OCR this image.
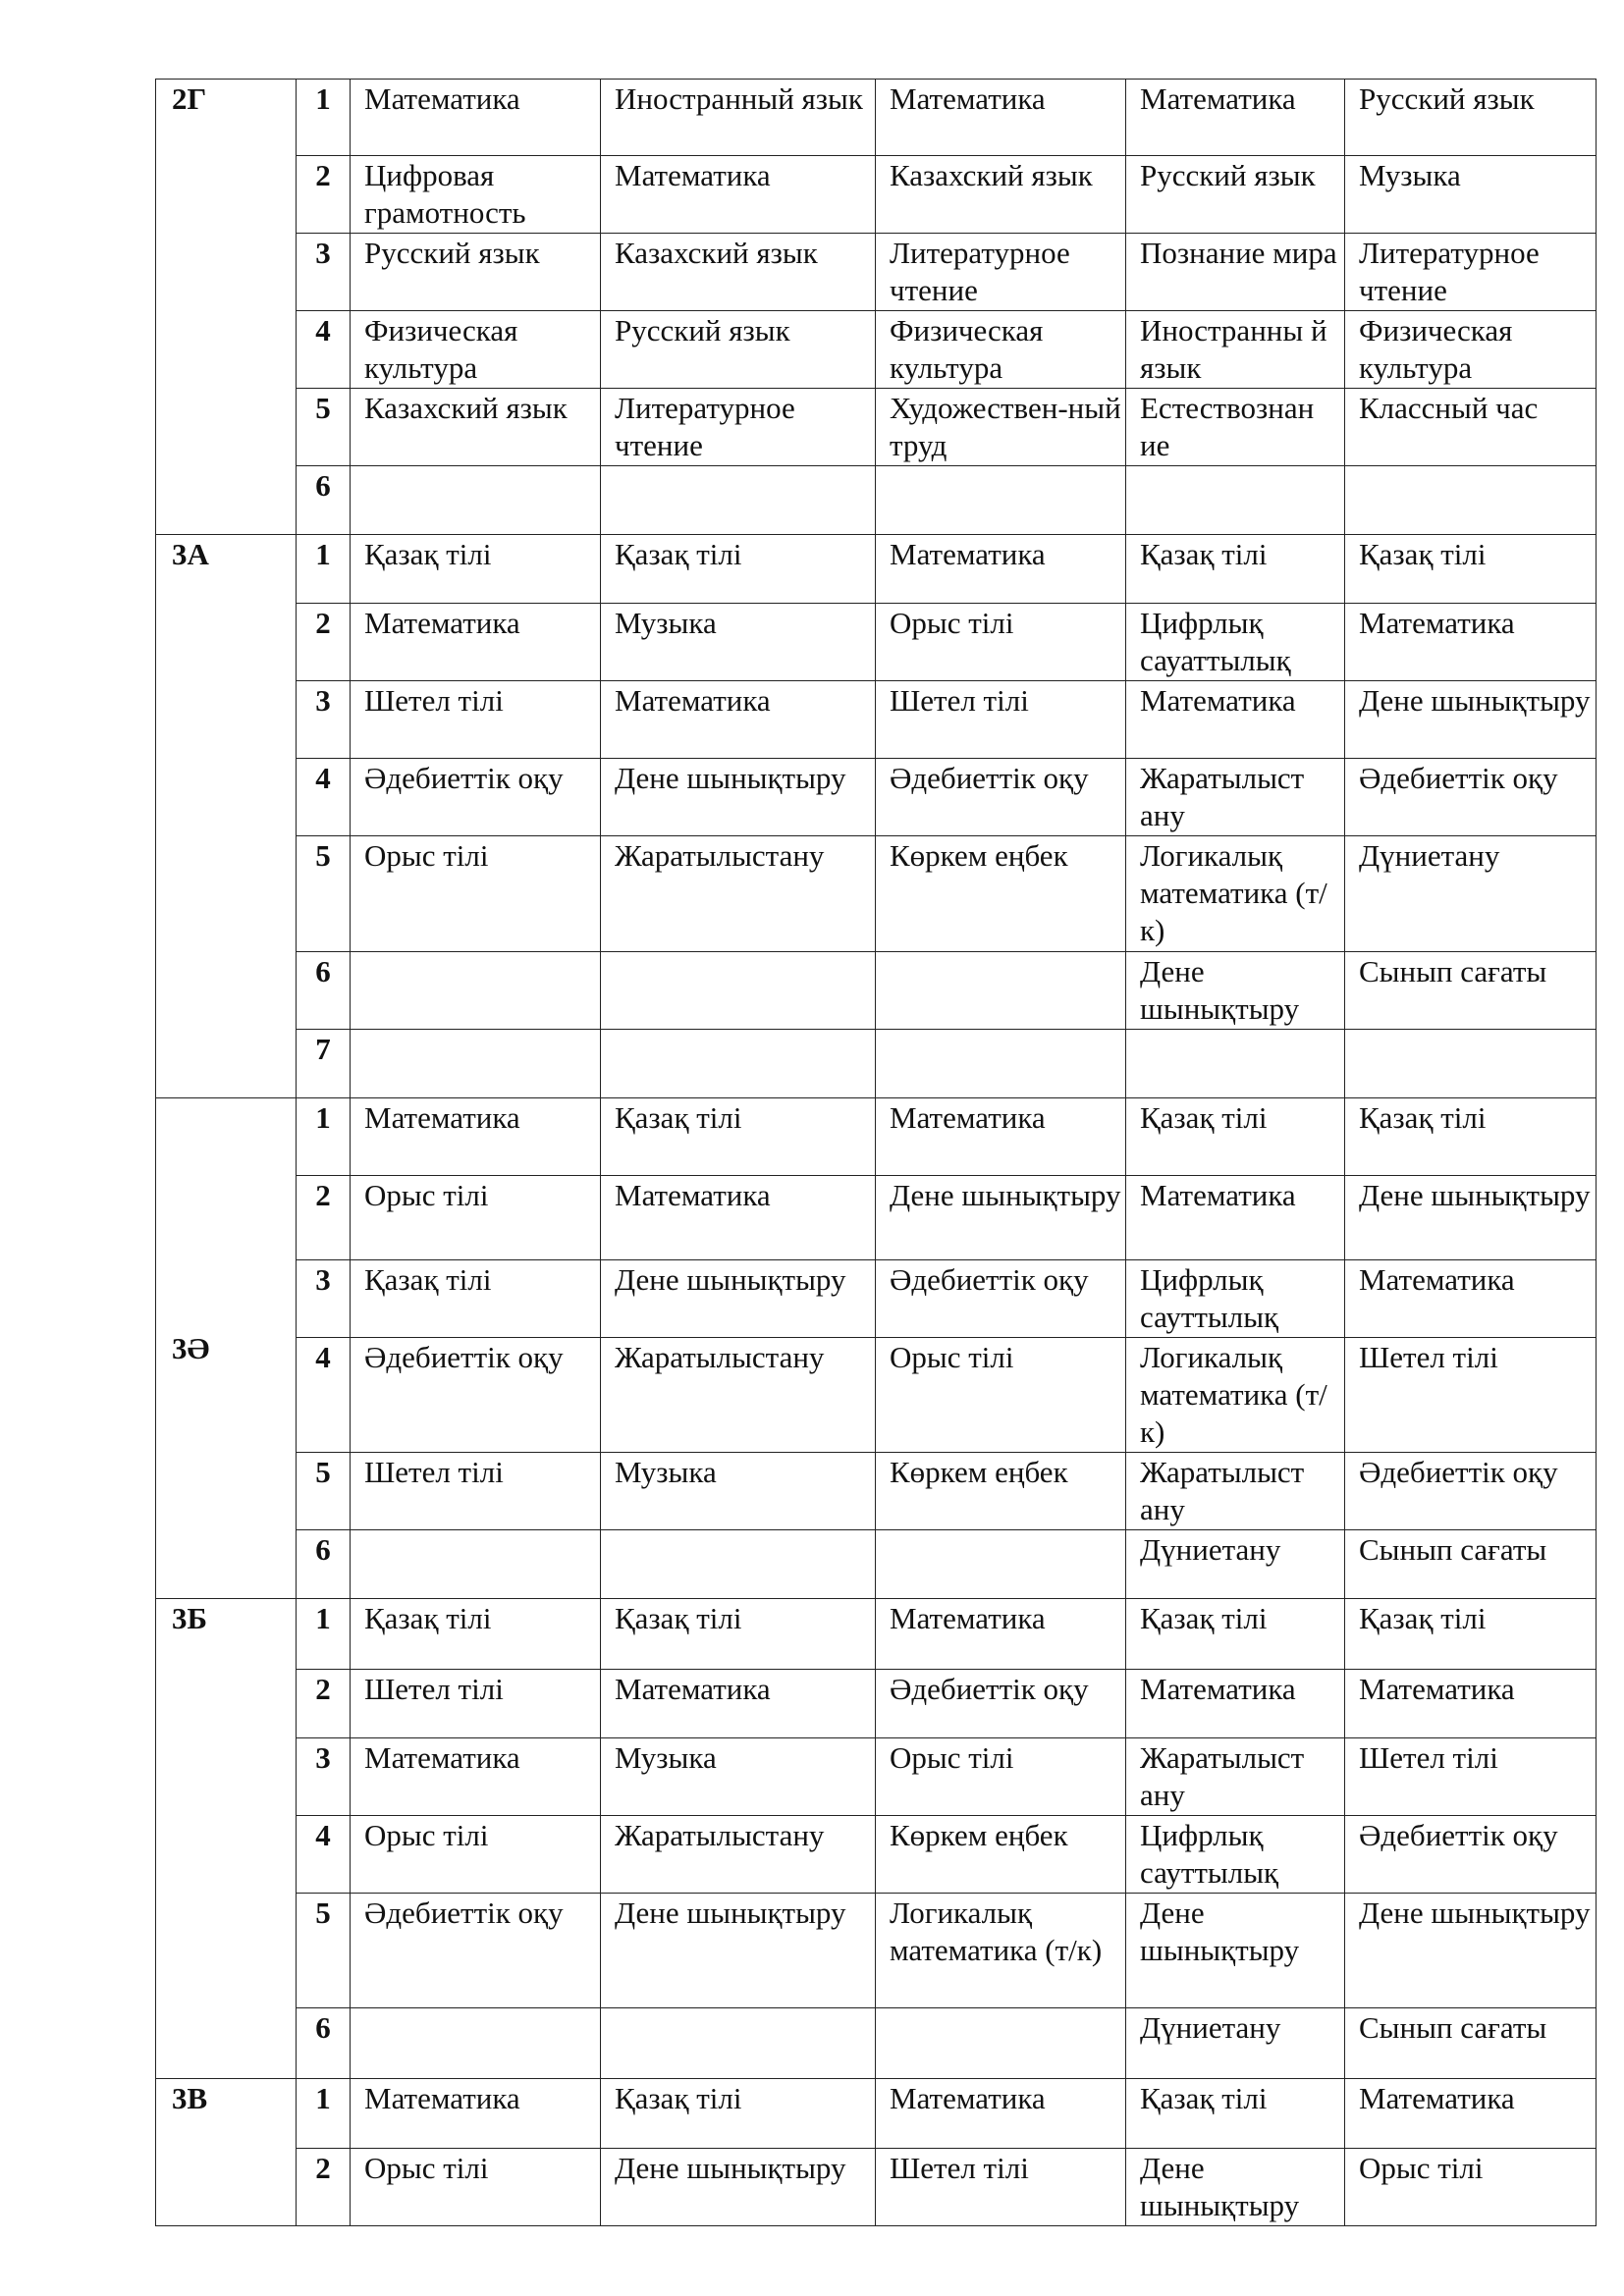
2Г	1	Математика	Иностранный язык	Математика	Математика	Русский язык
	2	Цифровая грамотность	Математика	Казахский язык	Русский язык	Музыка
	3	Русский язык	Казахский язык	Литературное чтение	Познание мира	Литературное чтение
	4	Физическая культура	Русский язык	Физическая культура	Иностранны й язык	Физическая культура
	5	Казахский язык	Литературное чтение	Художествен-ный труд	Естествознан ие	Классный час
	6					
3А	1	Қазақ тілі	Қазақ тілі	Математика	Қазақ тілі	Қазақ тілі
	2	Математика	Музыка	Орыс тілі	Цифрлық сауаттылық	Математика
	3	Шетел тілі	Математика	Шетел тілі	Математика	Дене шынықтыру
	4	Әдебиеттік оқу	Дене шынықтыру	Әдебиеттік оқу	Жаратылыст ану	Әдебиеттік оқу
	5	Орыс тілі	Жаратылыстану	Көркем еңбек	Логикалық математика (т/к)	Дүниетану
	6				Дене шынықтыру	Сынып сағаты
	7					
3Ә	1	Математика	Қазақ тілі	Математика	Қазақ тілі	Қазақ тілі
	2	Орыс тілі	Математика	Дене шынықтыру	Математика	Дене шынықтыру
	3	Қазақ тілі	Дене шынықтыру	Әдебиеттік оқу	Цифрлық сауттылық	Математика
	4	Әдебиеттік оқу	Жаратылыстану	Орыс тілі	Логикалық математика (т/к)	Шетел тілі
	5	Шетел тілі	Музыка	Көркем еңбек	Жаратылыст ану	Әдебиеттік оқу
	6				Дүниетану	Сынып сағаты
3Б	1	Қазақ тілі	Қазақ тілі	Математика	Қазақ тілі	Қазақ тілі
	2	Шетел тілі	Математика	Әдебиеттік оқу	Математика	Математика
	3	Математика	Музыка	Орыс тілі	Жаратылыст ану	Шетел тілі
	4	Орыс тілі	Жаратылыстану	Көркем еңбек	Цифрлық сауттылық	Әдебиеттік оқу
	5	Әдебиеттік оқу	Дене шынықтыру	Логикалық математика (т/к)	Дене шынықтыру	Дене шынықтыру
	6				Дүниетану	Сынып сағаты
3В	1	Математика	Қазақ тілі	Математика	Қазақ тілі	Математика
	2	Орыс тілі	Дене шынықтыру	Шетел тілі	Дене шынықтыру	Орыс тілі
